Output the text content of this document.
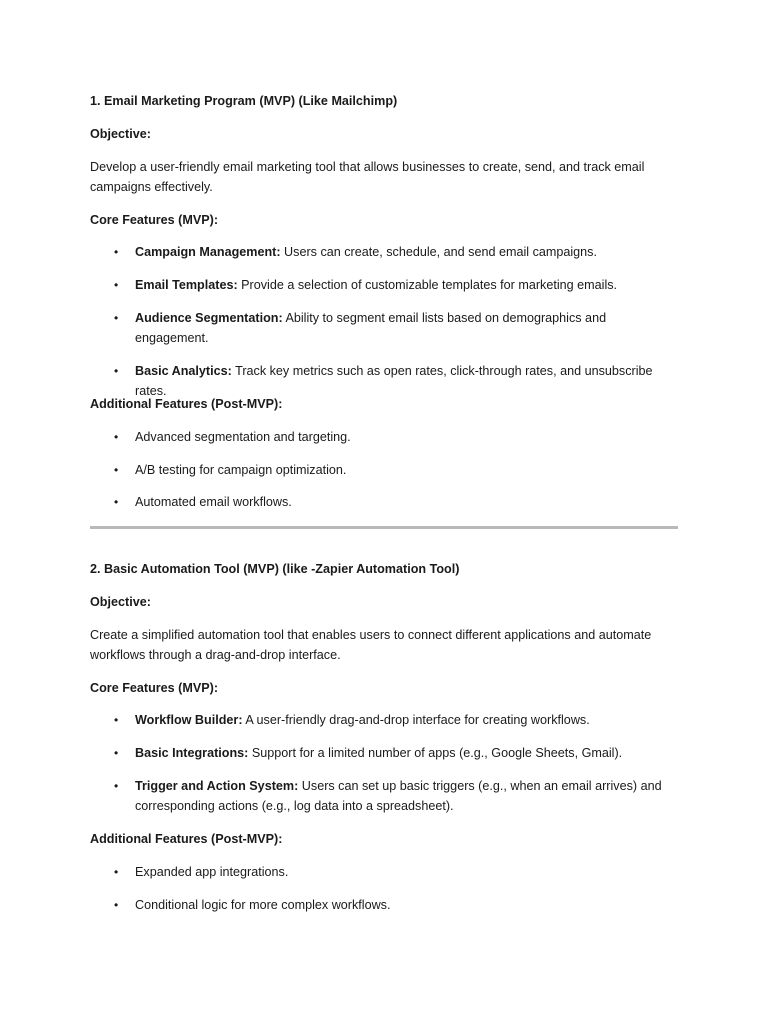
1. Email Marketing Program (MVP) (Like Mailchimp)
Objective:
Develop a user-friendly email marketing tool that allows businesses to create, send, and track email
campaigns effectively.
Core Features (MVP):
• Campaign Management: Users can create, schedule, and send email campaigns.
• Email Templates: Provide a selection of customizable templates for marketing emails.
• Audience Segmentation: Ability to segment email lists based on demographics and
engagement.
• Basic Analytics: Track key metrics such as open rates, click-through rates, and unsubscribe rates.
Additional Features (Post-MVP):
• Advanced segmentation and targeting.
• A/B testing for campaign optimization.
• Automated email workflows.
2. Basic Automation Tool (MVP) (like -Zapier Automation Tool)
Objective:
Create a simplified automation tool that enables users to connect different applications and automate
workflows through a drag-and-drop interface.
Core Features (MVP):
• Workflow Builder: A user-friendly drag-and-drop interface for creating workflows.
• Basic Integrations: Support for a limited number of apps (e.g., Google Sheets, Gmail).
• Trigger and Action System: Users can set up basic triggers (e.g., when an email arrives) and
corresponding actions (e.g., log data into a spreadsheet).
Additional Features (Post-MVP):
• Expanded app integrations.
• Conditional logic for more complex workflows.
